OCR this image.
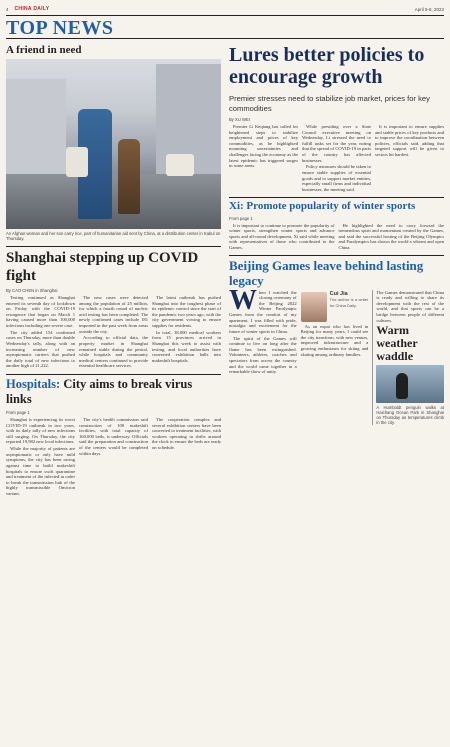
4 CHINA DAILY	April 5-6, 2022
TOP NEWS
A friend in need
An Afghan woman and her son carry rice, part of humanitarian aid sent by China, at a distribution center in Kabul on Thursday.
Shanghai stepping up COVID fight
By CAO CHEN in Shanghai

Testing continued as Shanghai entered its seventh day of lockdown on Friday with the COVID-19 resurgence that began on March 1 having caused more than 100,000 infections including one severe case.

The city added 154 confirmed cases on Thursday, more than double Wednesday's tally, along with an increasing number of new asymptomatic carriers that pushed the daily total of new infections to another high of 21,222.

The new cases were detected among the population of 25 million, for which a fourth round of nucleic acid testing has been completed. The newly confirmed cases include 181 imported in the past week from areas outside the city.

According to official data, the property market in Shanghai remained stable during the period, while hospitals and community medical centers continued to provide essential healthcare services.

The latest outbreak has pushed Shanghai into the toughest phase of its epidemic control since the start of the pandemic two years ago, with the city government vowing to ensure supplies for residents.

In total, 38,000 medical workers from 15 provinces arrived in Shanghai this week to assist with testing, and local authorities have converted exhibition halls into makeshift hospitals.

Hospitals: City aims to break virus links
From page 1

Shanghai is experiencing its worst COVID-19 outbreak in two years, with its daily tally of new infections still surging. On Thursday, the city reported 19,982 new local infections.

While the majority of patients are asymptomatic or only have mild symptoms, the city has been racing against time to build makeshift hospitals to ensure swift quarantine and treatment of the infected in order to break the transmission link of the highly transmissible Omicron variant.

The city's health commission said construction of 100 makeshift facilities, with total capacity of 160,000 beds, is underway. Officials said the preparation and construction of the centers would be completed within days.

The cooperation complex and several exhibition centers have been converted to treatment facilities, with workers operating in shifts around the clock to ensure the beds are ready on schedule.

Lures better policies to encourage growth
Premier stresses need to stabilize job market, prices for key commodities
By XU WEI

Premier Li Keqiang has called for heightened steps to stabilize employment and prices of key commodities, as he highlighted mounting uncertainties and challenges facing the economy as the latest epidemic has triggered surges in some areas.

While presiding over a State Council executive meeting on Wednesday, Li stressed the need to fulfill tasks set for the year, noting that the spread of COVID-19 in parts of the country has affected businesses.

Policy measures should be taken to ensure stable supplies of essential goods and to support market entities, especially small firms and individual businesses, the meeting said.

It is important to ensure supplies and stable prices of key products and to improve the coordination between policies, officials said, adding that targeted support will be given to sectors hit hardest.

Xi: Promote popularity of winter sports
From page 1

It is important to continue to promote the popularity of winter sports, strengthen winter sports and advance sports and all-round development, Xi said while meeting with representatives of those who contributed to the Games.

He highlighted the need to carry forward the tremendous spirit and momentum created by the Games, and said the successful hosting of the Beijing Olympics and Paralympics has shown the world a vibrant and open China.

Beijing Games leave behind lasting legacy

When I watched the closing ceremony of the Beijing 2022 Winter Paralympic Games from the comfort of my apartment, I was filled with pride, nostalgia and excitement for the future of winter sports in China.

The spirit of the Games will continue to live on long after the flame has been extinguished. Volunteers, athletes, coaches and spectators from across the country and the world came together in a remarkable show of unity.

Cui Jia
The author is a writer for China Daily.

As an expat who has lived in Beijing for many years, I could see the city transform, with new venues, improved infrastructure and a growing enthusiasm for skiing and skating among ordinary families.

The Games demonstrated that China is ready and willing to share its development with the rest of the world, and that sports can be a bridge between people of different cultures.

Warm weather waddle
A Humboldt penguin walks at Haichang Ocean Park in Shanghai on Thursday as temperatures climb in the city.
